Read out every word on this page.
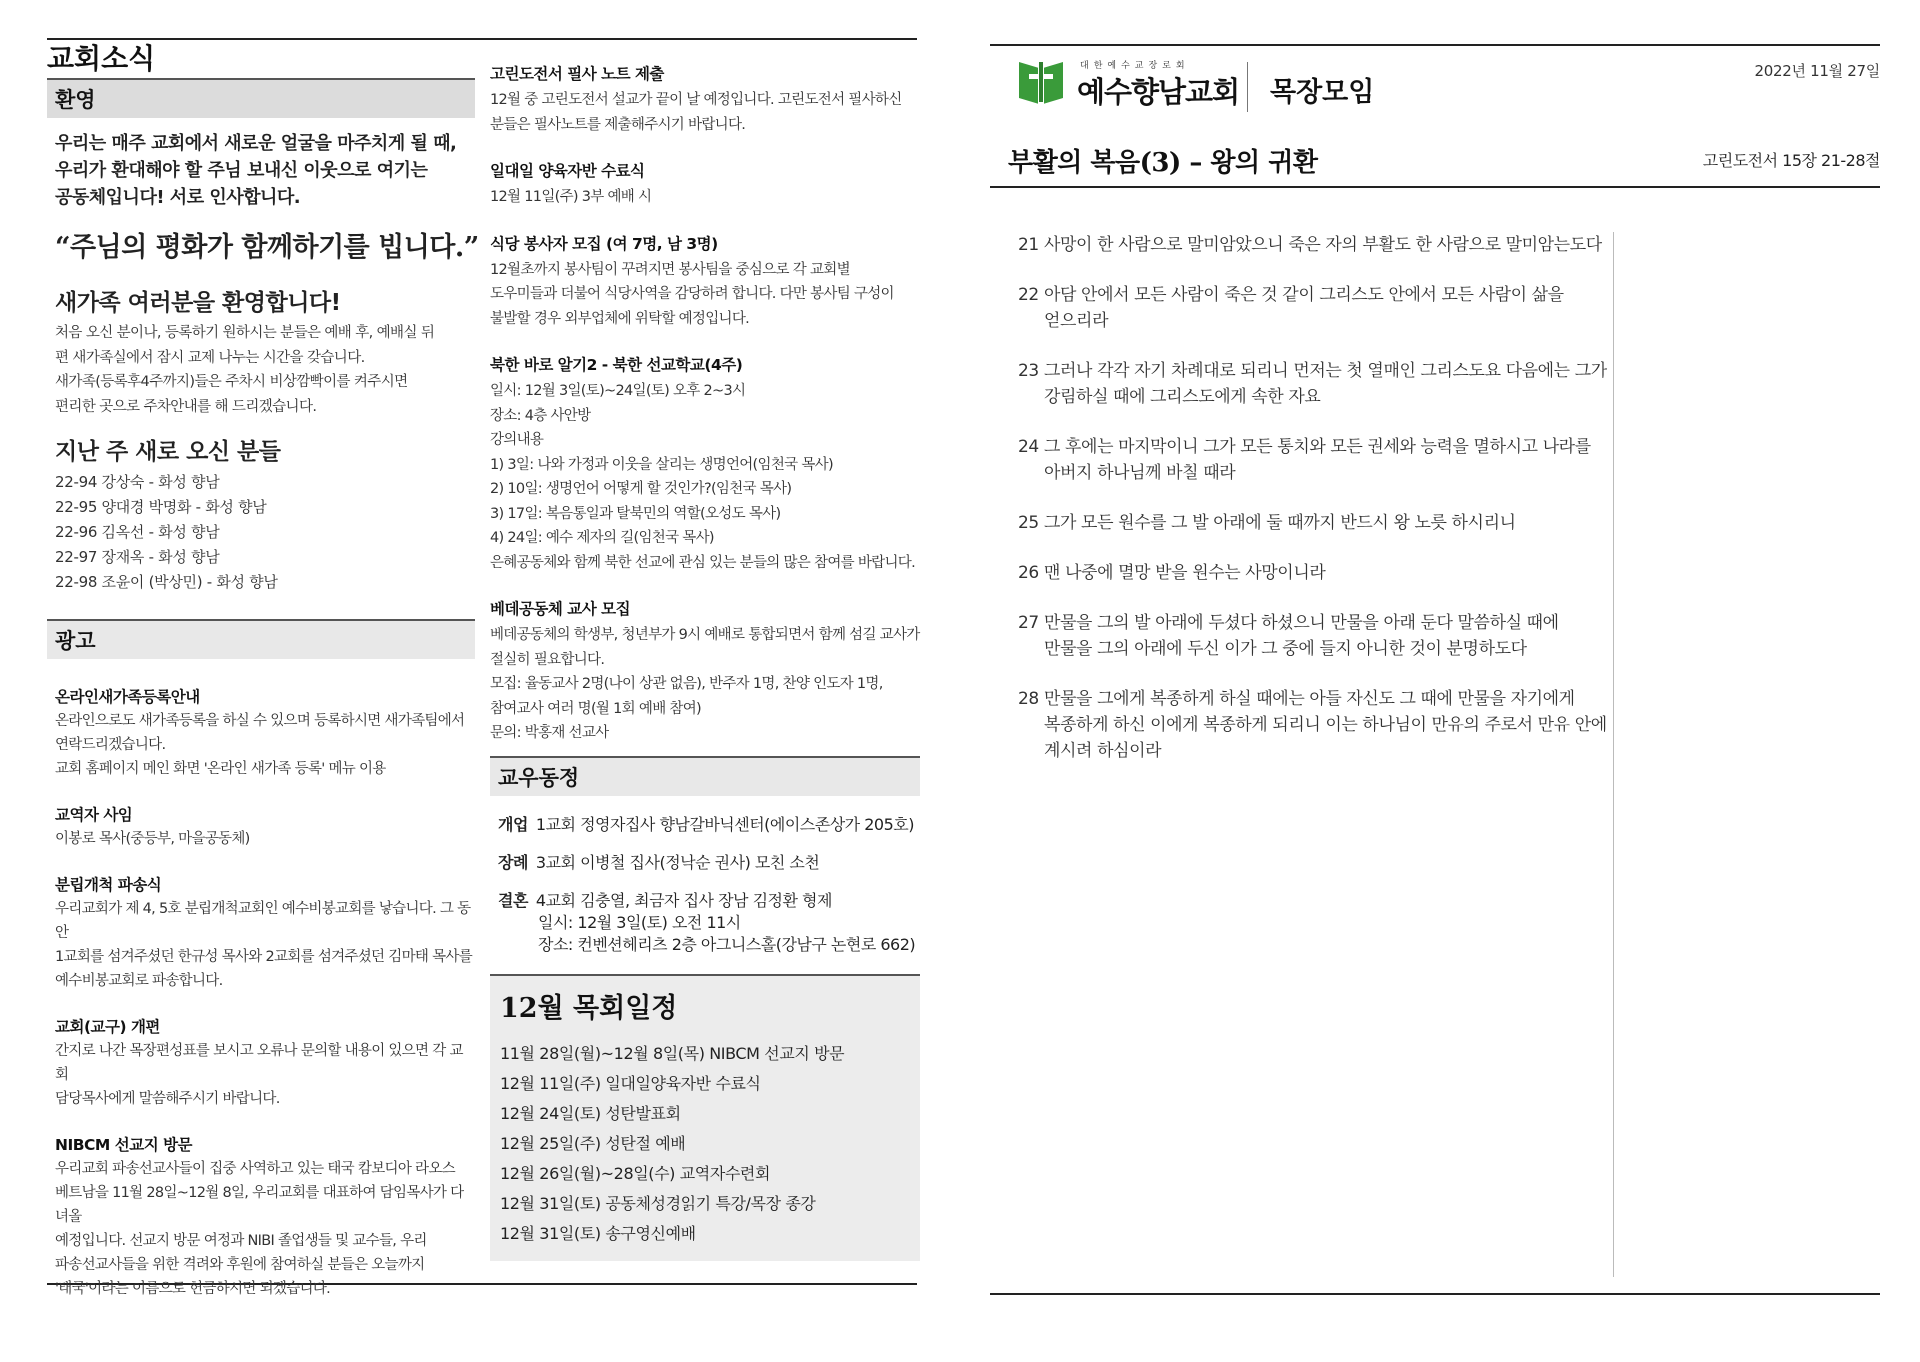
교회소식
환영
우리는 매주 교회에서 새로운 얼굴을 마주치게 될 때,
우리가 환대해야 할 주님 보내신 이웃으로 여기는
공동체입니다! 서로 인사합니다.
“주님의 평화가 함께하기를 빕니다.”
새가족 여러분을 환영합니다!
처음 오신 분이나, 등록하기 원하시는 분들은 예배 후, 예배실 뒤
편 새가족실에서 잠시 교제 나누는 시간을 갖습니다.
새가족(등록후4주까지)들은 주차시 비상깜빡이를 켜주시면
편리한 곳으로 주차안내를 해 드리겠습니다.
지난 주 새로 오신 분들
22-94 강상숙 - 화성 향남
22-95 양대경 박명화 - 화성 향남
22-96 김옥선 - 화성 향남
22-97 장재옥 - 화성 향남
22-98 조윤이 (박상민) - 화성 향남
광고
온라인새가족등록안내
온라인으로도 새가족등록을 하실 수 있으며 등록하시면 새가족팀에서
연락드리겠습니다.
교회 홈페이지 메인 화면 '온라인 새가족 등록' 메뉴 이용
교역자 사임
이봉로 목사(중등부, 마을공동체)
분립개척 파송식
우리교회가 제 4, 5호 분립개척교회인 예수비봉교회를 낳습니다. 그 동안
1교회를 섬겨주셨던 한규성 목사와 2교회를 섬겨주셨던 김마태 목사를
예수비봉교회로 파송합니다.
교회(교구) 개편
간지로 나간 목장편성표를 보시고 오류나 문의할 내용이 있으면 각 교회
담당목사에게 말씀해주시기 바랍니다.
NIBCM 선교지 방문
우리교회 파송선교사들이 집중 사역하고 있는 태국 캄보디아 라오스
베트남을 11월 28일~12월 8일, 우리교회를 대표하여 담임목사가 다녀올
예정입니다. 선교지 방문 여정과 NIBI 졸업생들 및 교수들, 우리
파송선교사들을 위한 격려와 후원에 참여하실 분들은 오늘까지
'태국'이라는 이름으로 헌금하시면 되겠습니다.
고린도전서 필사 노트 제출
12월 중 고린도전서 설교가 끝이 날 예정입니다. 고린도전서 필사하신
분들은 필사노트를 제출해주시기 바랍니다.
일대일 양육자반 수료식
12월 11일(주) 3부 예배 시
식당 봉사자 모집 (여 7명, 남 3명)
12월초까지 봉사팀이 꾸려지면 봉사팀을 중심으로 각 교회별
도우미들과 더불어 식당사역을 감당하려 합니다. 다만 봉사팀 구성이
불발할 경우 외부업체에 위탁할 예정입니다.
북한 바로 알기2 - 북한 선교학교(4주)
일시: 12월 3일(토)~24일(토) 오후 2~3시
장소: 4층 사안방
강의내용
1) 3일: 나와 가정과 이웃을 살리는 생명언어(임천국 목사)
2) 10일: 생명언어 어떻게 할 것인가?(임천국 목사)
3) 17일: 복음통일과 탈북민의 역할(오성도 목사)
4) 24일: 예수 제자의 길(임천국 목사)
은혜공동체와 함께 북한 선교에 관심 있는 분들의 많은 참여를 바랍니다.
베데공동체 교사 모집
베데공동체의 학생부, 청년부가 9시 예배로 통합되면서 함께 섬길 교사가
절실히 필요합니다.
모집: 율동교사 2명(나이 상관 없음), 반주자 1명, 찬양 인도자 1명,
참여교사 여러 명(월 1회 예배 참여)
문의: 박홍재 선교사
교우동정
개업 1교회 정영자집사 향남갈바닉센터(에이스존상가 205호)
장례 3교회 이병철 집사(정낙순 권사) 모친 소천
결혼 4교회 김충열, 최금자 집사 장남 김정환 형제
일시: 12월 3일(토) 오전 11시
장소: 컨벤션헤리츠 2층 아그니스홀(강남구 논현로 662)
12월 목회일정
11월 28일(월)~12월 8일(목) NIBCM 선교지 방문
12월 11일(주) 일대일양육자반 수료식
12월 24일(토) 성탄발표회
12월 25일(주) 성탄절 예배
12월 26일(월)~28일(수) 교역자수련회
12월 31일(토) 공동체성경읽기 특강/목장 종강
12월 31일(토) 송구영신예배
대한예수교장로회
예수향남교회 목장모임
2022년 11월 27일
부활의 복음(3) – 왕의 귀환	고린도전서 15장 21-28절
21 사망이 한 사람으로 말미암았으니 죽은 자의 부활도 한 사람으로 말미암는도다
22 아담 안에서 모든 사람이 죽은 것 같이 그리스도 안에서 모든 사람이 삶을
얻으리라
23 그러나 각각 자기 차례대로 되리니 먼저는 첫 열매인 그리스도요 다음에는 그가
강림하실 때에 그리스도에게 속한 자요
24 그 후에는 마지막이니 그가 모든 통치와 모든 권세와 능력을 멸하시고 나라를
아버지 하나님께 바칠 때라
25 그가 모든 원수를 그 발 아래에 둘 때까지 반드시 왕 노릇 하시리니
26 맨 나중에 멸망 받을 원수는 사망이니라
27 만물을 그의 발 아래에 두셨다 하셨으니 만물을 아래 둔다 말씀하실 때에
만물을 그의 아래에 두신 이가 그 중에 들지 아니한 것이 분명하도다
28 만물을 그에게 복종하게 하실 때에는 아들 자신도 그 때에 만물을 자기에게
복종하게 하신 이에게 복종하게 되리니 이는 하나님이 만유의 주로서 만유 안에
계시려 하심이라
